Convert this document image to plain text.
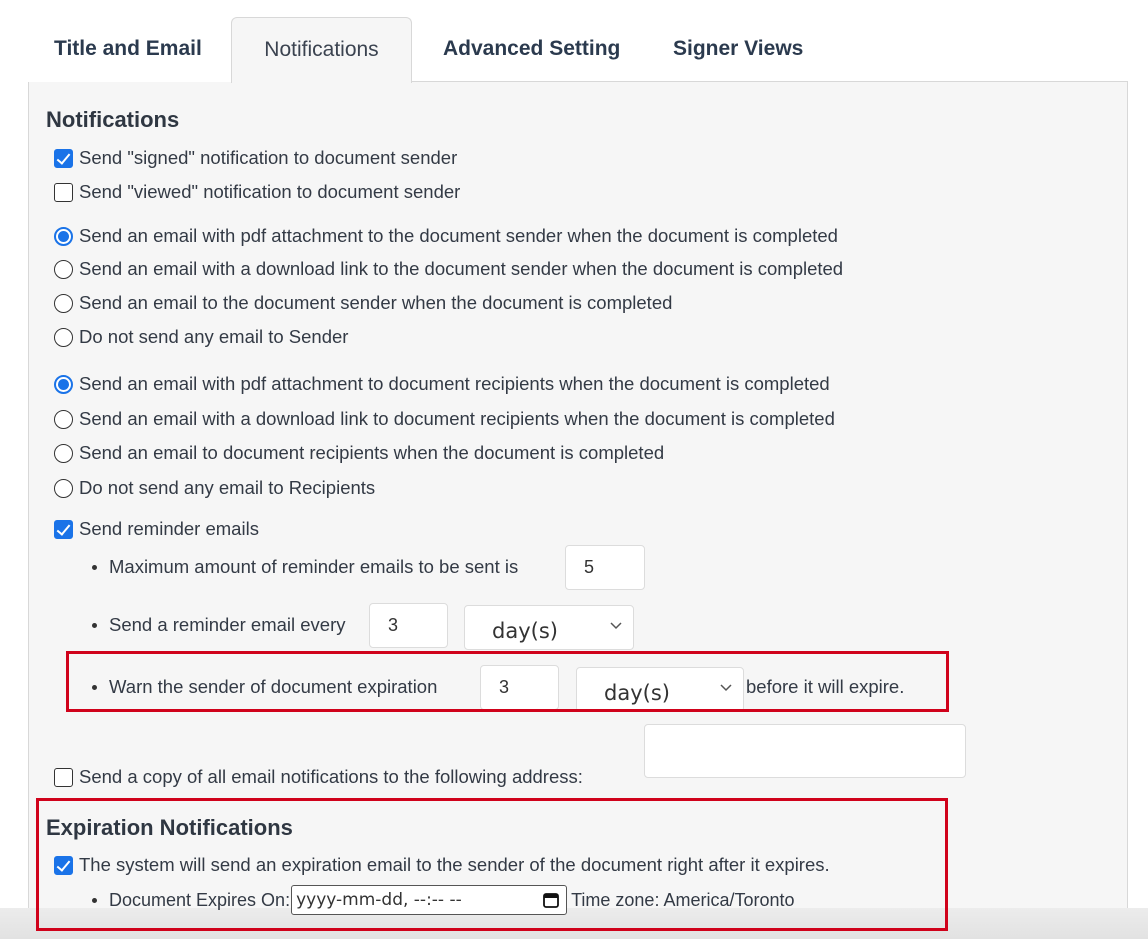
Title and Email	Notifications	Advanced Setting	Signer Views
Notifications
Send "signed" notification to document sender
Send "viewed" notification to document sender
Send an email with pdf attachment to the document sender when the document is completed
Send an email with a download link to the document sender when the document is completed
Send an email to the document sender when the document is completed
Do not send any email to Sender
Send an email with pdf attachment to document recipients when the document is completed
Send an email with a download link to document recipients when the document is completed
Send an email to document recipients when the document is completed
Do not send any email to Recipients
Send reminder emails
Maximum amount of reminder emails to be sent is
5
Send a reminder email every
3	day(s)
Warn the sender of document expiration
3	day(s)	before it will expire.
Send a copy of all email notifications to the following address:
Expiration Notifications
The system will send an expiration email to the sender of the document right after it expires.
Document Expires On: yyyy-mm-dd, --:-- --	Time zone: America/Toronto
